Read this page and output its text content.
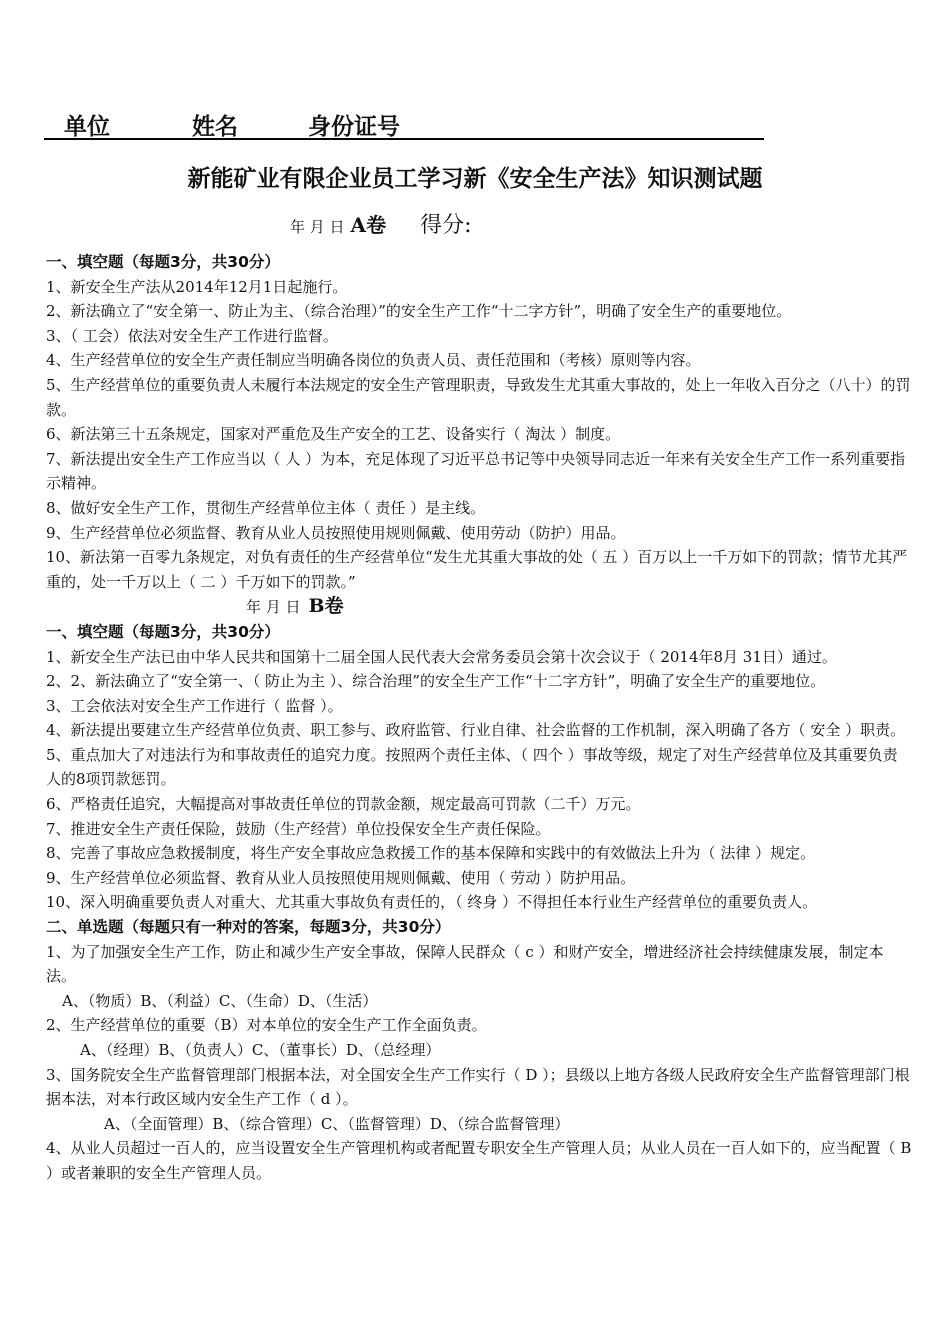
单位	姓名	身份证号
新能矿业有限企业员工学习新《安全生产法》知识测试题
年 月 日 A卷 得分:

一、填空题（每题3分，共30分）

1、新安全生产法从2014年12月1日起施行。

2、新法确立了“安全第一、防止为主、（综合治理）”的安全生产工作“十二字方针”，明确了安全生产的重要地位。

3、（ 工会）依法对安全生产工作进行监督。

4、生产经营单位的安全生产责任制应当明确各岗位的负责人员、责任范围和（考核）原则等内容。

5、生产经营单位的重要负责人未履行本法规定的安全生产管理职责，导致发生尤其重大事故的，处上一年收入百分之（八十）的罚款。

6、新法第三十五条规定，国家对严重危及生产安全的工艺、设备实行（ 淘汰 ）制度。

7、新法提出安全生产工作应当以（ 人 ）为本，充足体现了习近平总书记等中央领导同志近一年来有关安全生产工作一系列重要指示精神。

8、做好安全生产工作，贯彻生产经营单位主体（ 责任 ）是主线。

9、生产经营单位必须监督、教育从业人员按照使用规则佩戴、使用劳动（防护）用品。

10、新法第一百零九条规定，对负有责任的生产经营单位“发生尤其重大事故的处（ 五 ）百万以上一千万如下的罚款；情节尤其严重的，处一千万以上（ 二 ）千万如下的罚款。”

年 月 日 B卷

一、填空题（每题3分，共30分）

1、新安全生产法已由中华人民共和国第十二届全国人民代表大会常务委员会第十次会议于（ 2014年8月 31日）通过。

2、2、新法确立了“安全第一、（ 防止为主 ）、综合治理”的安全生产工作“十二字方针”，明确了安全生产的重要地位。

3、工会依法对安全生产工作进行（ 监督 ）。

4、新法提出要建立生产经营单位负责、职工参与、政府监管、行业自律、社会监督的工作机制，深入明确了各方（ 安全 ）职责。

5、重点加大了对违法行为和事故责任的追究力度。按照两个责任主体、（ 四个 ）事故等级，规定了对生产经营单位及其重要负责人的8项罚款惩罚。

6、严格责任追究，大幅提高对事故责任单位的罚款金额，规定最高可罚款（二千）万元。

7、推进安全生产责任保险，鼓励（生产经营）单位投保安全生产责任保险。

8、完善了事故应急救援制度，将生产安全事故应急救援工作的基本保障和实践中的有效做法上升为（ 法律 ）规定。

9、生产经营单位必须监督、教育从业人员按照使用规则佩戴、使用（ 劳动 ）防护用品。

10、深入明确重要负责人对重大、尤其重大事故负有责任的，（ 终身 ）不得担任本行业生产经营单位的重要负责人。

二、单选题（每题只有一种对的答案，每题3分，共30分）

1、为了加强安全生产工作，防止和减少生产安全事故，保障人民群众（ c ）和财产安全，增进经济社会持续健康发展，制定本法。

A、（物质）B、（利益）C、（生命）D、（生活）

2、生产经营单位的重要（B）对本单位的安全生产工作全面负责。

A、（经理）B、（负责人）C、（董事长）D、（总经理）

3、国务院安全生产监督管理部门根据本法，对全国安全生产工作实行（ D ）；县级以上地方各级人民政府安全生产监督管理部门根据本法，对本行政区域内安全生产工作（ d ）。

A、（全面管理）B、（综合管理）C、（监督管理）D、（综合监督管理）

4、从业人员超过一百人的，应当设置安全生产管理机构或者配置专职安全生产管理人员；从业人员在一百人如下的，应当配置（ B ）或者兼职的安全生产管理人员。
